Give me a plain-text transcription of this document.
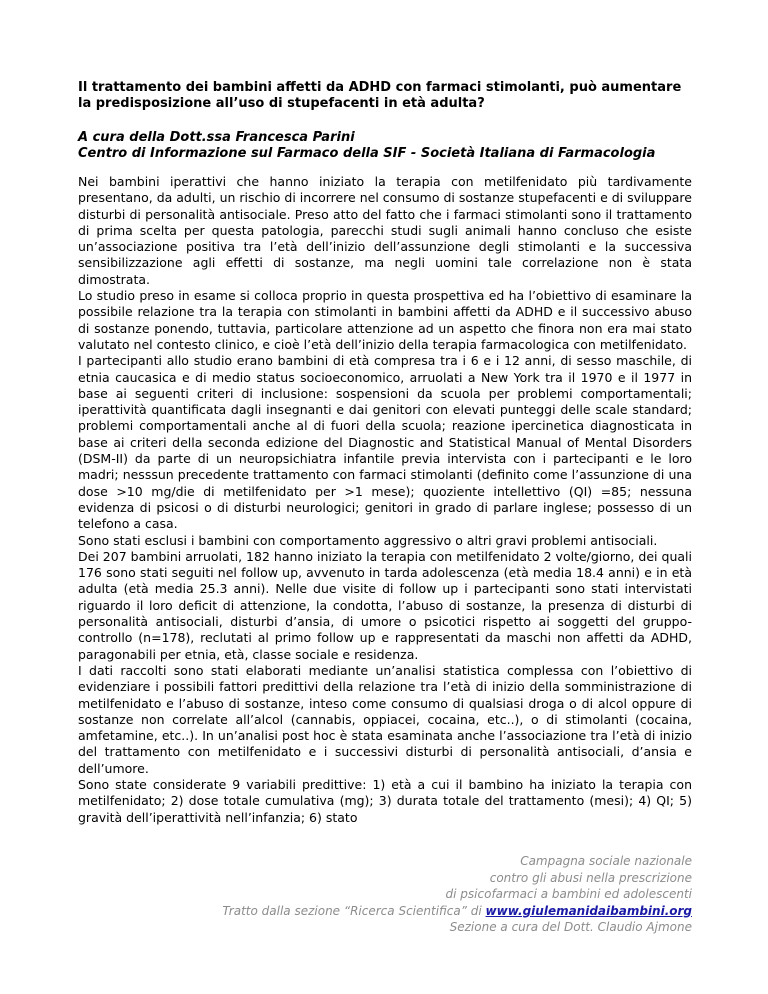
Il trattamento dei bambini affetti da ADHD con farmaci stimolanti, può aumentare la predisposizione all’uso di stupefacenti in età adulta?
A cura della Dott.ssa Francesca Parini
Centro di Informazione sul Farmaco della SIF - Società Italiana di Farmacologia

Nei bambini iperattivi che hanno iniziato la terapia con metilfenidato più tardivamente presentano, da adulti, un rischio di incorrere nel consumo di sostanze stupefacenti e di sviluppare disturbi di personalità antisociale. Preso atto del fatto che i farmaci stimolanti sono il trattamento di prima scelta per questa patologia, parecchi studi sugli animali hanno concluso che esiste un’associazione positiva tra l’età dell’inizio dell’assunzione degli stimolanti e la successiva sensibilizzazione agli effetti di sostanze, ma negli uomini tale correlazione non è stata dimostrata.

Lo studio preso in esame si colloca proprio in questa prospettiva ed ha l’obiettivo di esaminare la possibile relazione tra la terapia con stimolanti in bambini affetti da ADHD e il successivo abuso di sostanze ponendo, tuttavia, particolare attenzione ad un aspetto che finora non era mai stato valutato nel contesto clinico, e cioè l’età dell’inizio della terapia farmacologica con metilfenidato.

I partecipanti allo studio erano bambini di età compresa tra i 6 e i 12 anni, di sesso maschile, di etnia caucasica e di medio status socioeconomico, arruolati a New York tra il 1970 e il 1977 in base ai seguenti criteri di inclusione: sospensioni da scuola per problemi comportamentali; iperattività quantificata dagli insegnanti e dai genitori con elevati punteggi delle scale standard; problemi comportamentali anche al di fuori della scuola; reazione ipercinetica diagnosticata in base ai criteri della seconda edizione del Diagnostic and Statistical Manual of Mental Disorders (DSM-II) da parte di un neuropsichiatra infantile previa intervista con i partecipanti e le loro madri; nesssun precedente trattamento con farmaci stimolanti (definito come l’assunzione di una dose >10 mg/die di metilfenidato per >1 mese); quoziente intellettivo (QI) =85; nessuna evidenza di psicosi o di disturbi neurologici; genitori in grado di parlare inglese; possesso di un telefono a casa.

Sono stati esclusi i bambini con comportamento aggressivo o altri gravi problemi antisociali.

Dei 207 bambini arruolati, 182 hanno iniziato la terapia con metilfenidato 2 volte/giorno, dei quali 176 sono stati seguiti nel follow up, avvenuto in tarda adolescenza (età media 18.4 anni) e in età adulta (età media 25.3 anni). Nelle due visite di follow up i partecipanti sono stati intervistati riguardo il loro deficit di attenzione, la condotta, l’abuso di sostanze, la presenza di disturbi di personalità antisociali, disturbi d’ansia, di umore o psicotici rispetto ai soggetti del gruppo-controllo (n=178), reclutati al primo follow up e rappresentati da maschi non affetti da ADHD, paragonabili per etnia, età, classe sociale e residenza.

I dati raccolti sono stati elaborati mediante un’analisi statistica complessa con l’obiettivo di evidenziare i possibili fattori predittivi della relazione tra l’età di inizio della somministrazione di metilfenidato e l’abuso di sostanze, inteso come consumo di qualsiasi droga o di alcol oppure di sostanze non correlate all’alcol (cannabis, oppiacei, cocaina, etc..), o di stimolanti (cocaina, amfetamine, etc..). In un’analisi post hoc è stata esaminata anche l’associazione tra l’età di inizio del trattamento con metilfenidato e i successivi disturbi di personalità antisociali, d’ansia e dell’umore.

Sono state considerate 9 variabili predittive: 1) età a cui il bambino ha iniziato la terapia con metilfenidato; 2) dose totale cumulativa (mg); 3) durata totale del trattamento (mesi); 4) QI; 5) gravità dell’iperattività nell’infanzia; 6) stato

Campagna sociale nazionale
contro gli abusi nella prescrizione
di psicofarmaci a bambini ed adolescenti
Tratto dalla sezione “Ricerca Scientifica” di www.giulemanidaibambini.org
Sezione a cura del Dott. Claudio Ajmone
